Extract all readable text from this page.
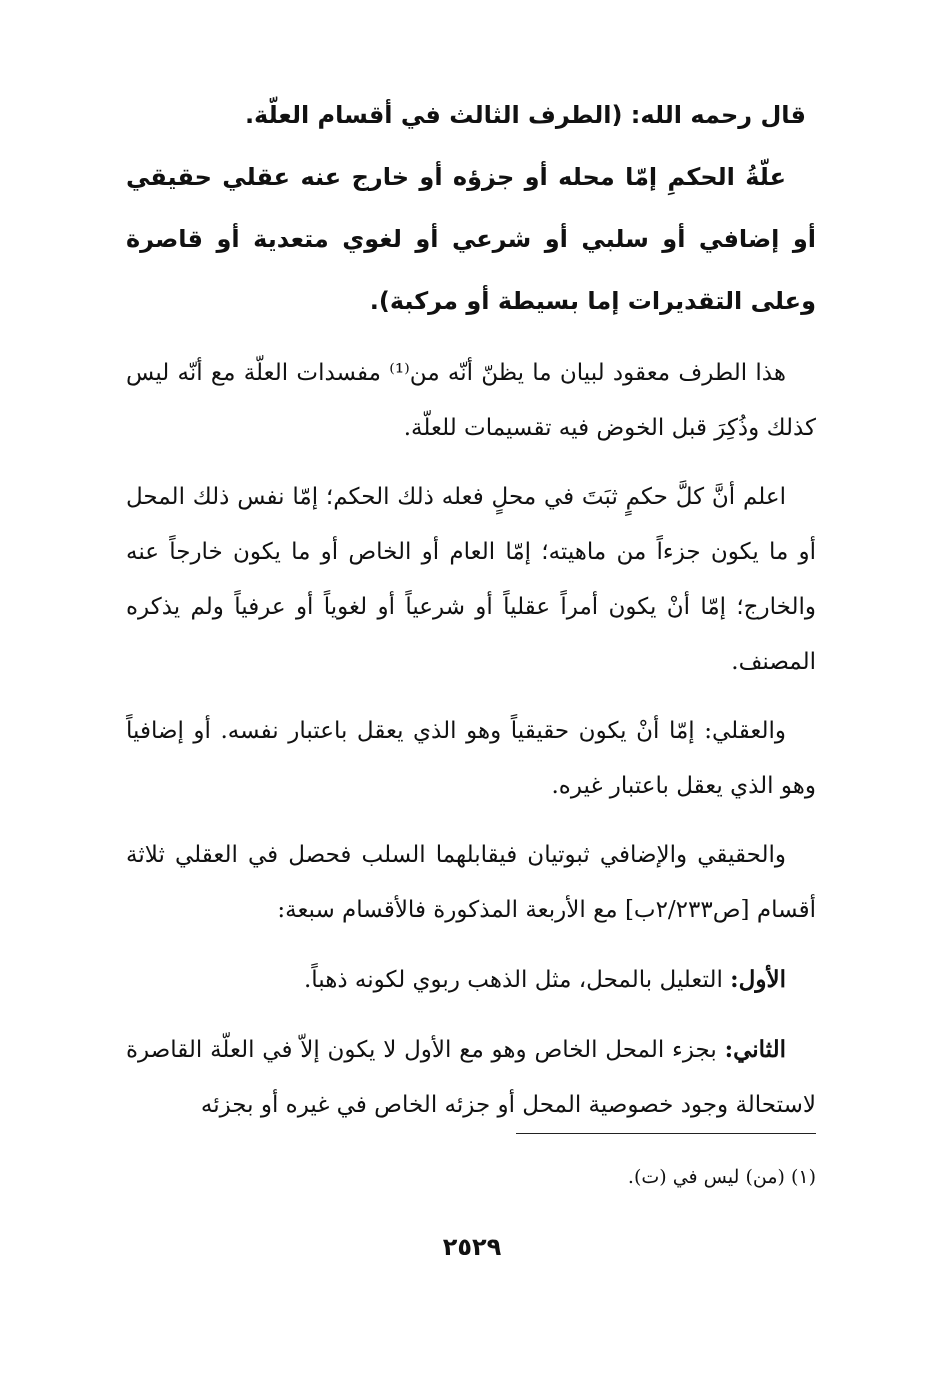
قال رحمه الله: (الطرف الثالث في أقسام العلّة.

علّةُ الحكمِ إمّا محله أو جزؤه أو خارج عنه عقلي حقيقي أو إضافي أو سلبي أو شرعي أو لغوي متعدية أو قاصرة وعلى التقديرات إما بسيطة أو مركبة).

هذا الطرف معقود لبيان ما يظنّ أنّه من⁽¹⁾ مفسدات العلّة مع أنّه ليس كذلك وذُكِرَ قبل الخوض فيه تقسيمات للعلّة.

اعلم أنَّ كلَّ حكمٍ ثبَتَ في محلٍ فعله ذلك الحكم؛ إمّا نفس ذلك المحل أو ما يكون جزءاً من ماهيته؛ إمّا العام أو الخاص أو ما يكون خارجاً عنه والخارج؛ إمّا أنْ يكون أمراً عقلياً أو شرعياً أو لغوياً أو عرفياً ولم يذكره المصنف.

والعقلي: إمّا أنْ يكون حقيقياً وهو الذي يعقل باعتبار نفسه. أو إضافياً وهو الذي يعقل باعتبار غيره.

والحقيقي والإضافي ثبوتيان فيقابلهما السلب فحصل في العقلي ثلاثة أقسام [ص٢/٢٣٣ب] مع الأربعة المذكورة فالأقسام سبعة:

الأول: التعليل بالمحل، مثل الذهب ربوي لكونه ذهباً.

الثاني: بجزء المحل الخاص وهو مع الأول لا يكون إلاّ في العلّة القاصرة لاستحالة وجود خصوصية المحل أو جزئه الخاص في غيره أو بجزئه

(١) (من) ليس في (ت).
٢٥٢٩
